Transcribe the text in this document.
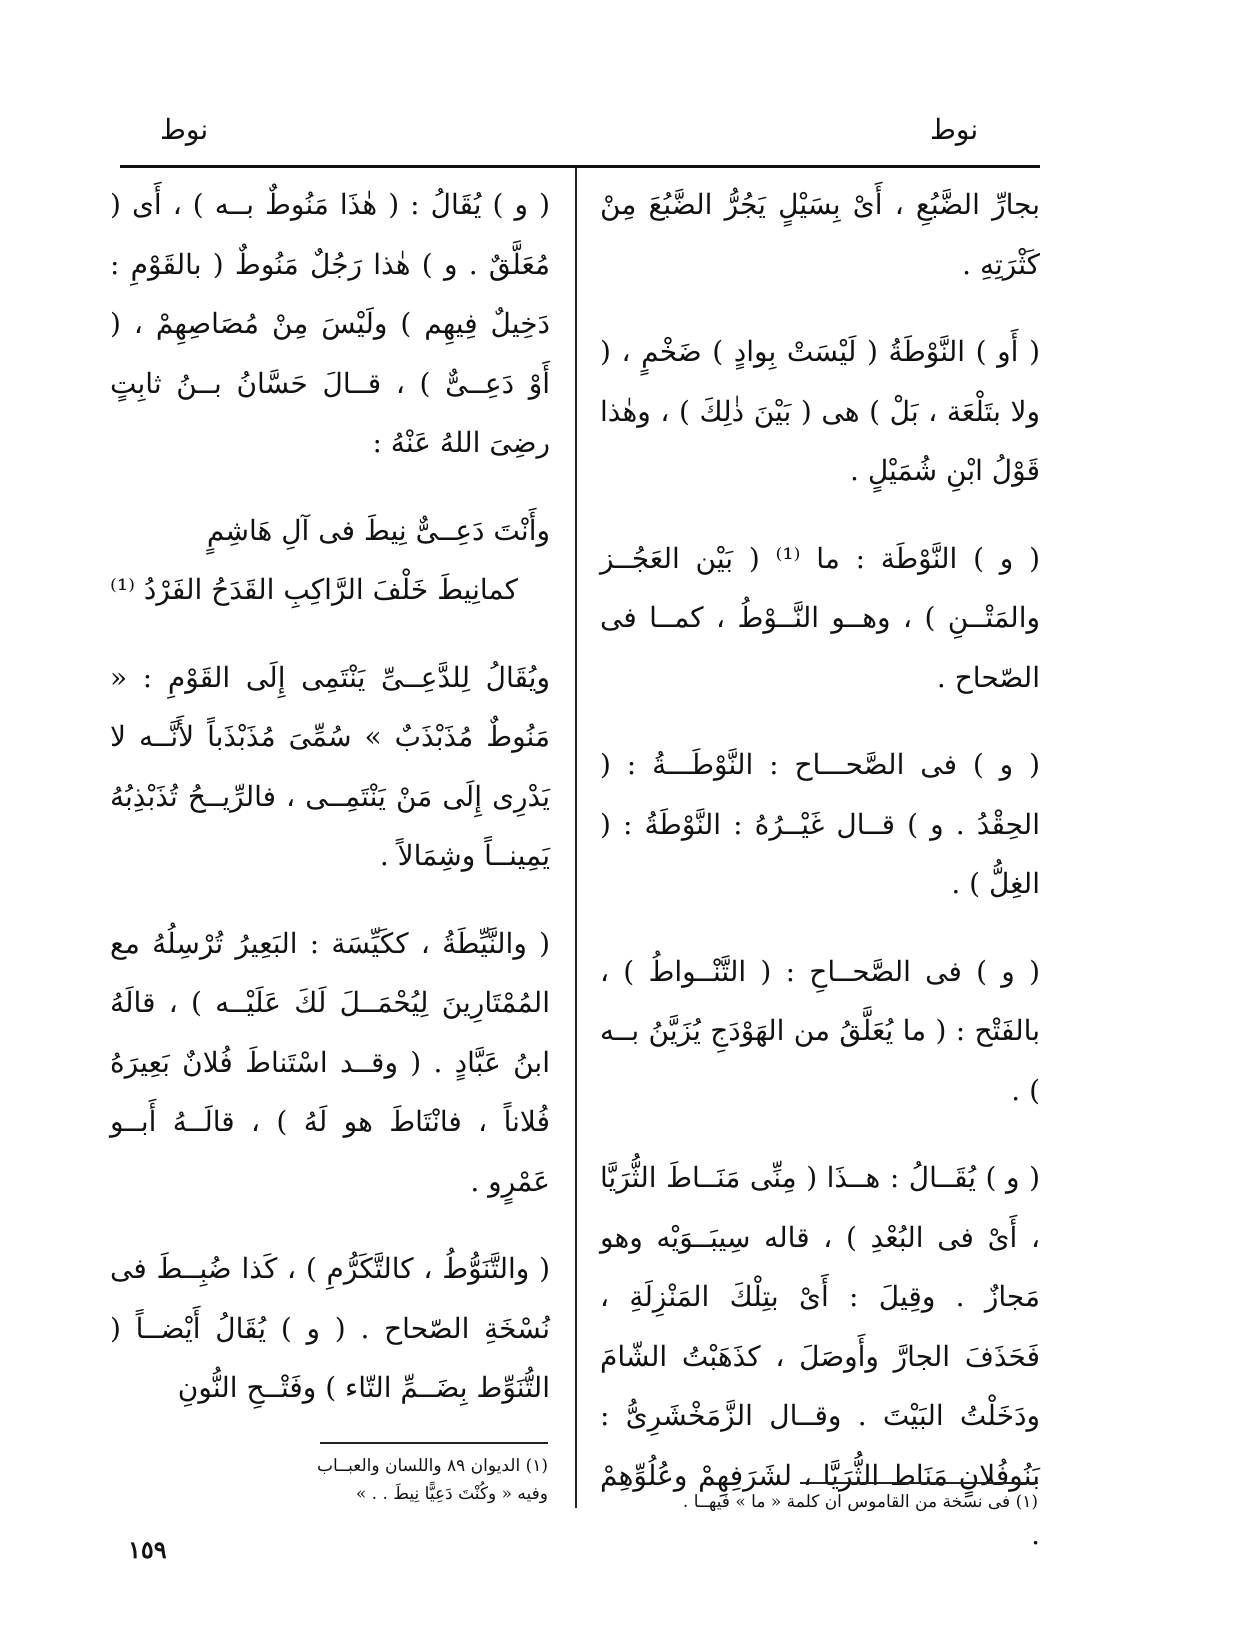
نوط
نوط

بجارِّ الضَّبُعِ ، أَىْ بِسَيْلٍ يَجُرُّ الضَّبُعَ مِنْ كَثْرَتِهِ .

( أَو ) النَّوْطَةُ ( لَيْسَتْ بِوادٍ ) ضَخْمٍ ، ( ولا بتَلْعَة ، بَلْ ) هى ( بَيْنَ ذٰلِكَ ) ، وهٰذا قَوْلُ ابْنِ شُمَيْلٍ .

( و ) النَّوْطَة : ما ⁽¹⁾ ( بَيْن العَجُــز والمَتْــنِ ) ، وهــو النَّــوْطُ ، كمــا فى الصّحاح .

( و ) فى الصَّحـــاح : النَّوْطَـــةُ : ( الحِقْدُ . و ) قــال غَيْــرُهُ : النَّوْطَةُ : ( الغِلُّ ) .

( و ) فى الصَّحــاحِ : ( التَّنْــواطُ ) ، بالفَتْح : ( ما يُعَلَّقُ من الهَوْدَجِ يُزَيَّنُ بــه ) .

( و ) يُقَــالُ : هــذَا ( مِنِّى مَنَــاطَ الثُّرَيَّا ، أَىْ فى البُعْدِ ) ، قاله سِيبَــوَيْه وهو مَجازٌ . وقِيلَ : أَىْ بتِلْكَ المَنْزِلَةِ ، فَحَذَفَ الجارَّ وأَوصَلَ ، كذَهَبْتُ الشّامَ ودَخَلْتُ البَيْتَ . وقــال الزَّمَخْشَرِىُّ : بَنُوفُلانٍ مَنَاط الثُّرَيَّا ، لشَرَفِهِمْ وعُلُوِّهِمْ .

( و ) يُقَالُ : ( هٰذَا مَنُوطٌ بــه ) ، أَى ( مُعَلَّقٌ . و ) هٰذا رَجُلٌ مَنُوطٌ ( بالقَوْمِ : دَخِيلٌ فِيهِم ) ولَيْسَ مِنْ مُصَاصِهِمْ ، ( أَوْ دَعِــىٌّ ) ، قــالَ حَسَّانُ بــنُ ثابِتٍ رضِىَ اللهُ عَنْهُ :

وأَنْتَ دَعِــىٌّ نِيطَ فى آلِ هَاشِمٍ
كمانِيطَ خَلْفَ الرَّاكِبِ القَدَحُ الفَرْدُ ⁽¹⁾

ويُقَالُ لِلدَّعِــىِّ يَنْتَمِى إِلَى القَوْمِ : « مَنُوطٌ مُذَبْذَبٌ » سُمِّىَ مُذَبْذَباً لأَنَّــه لا يَدْرِى إِلَى مَنْ يَنْتَمِــى ، فالرِّيــحُ تُذَبْذِبُهُ يَمِينــاً وشِمَالاً .

( والنَّيِّطَةُ ، ككَيِّسَة : البَعِيرُ تُرْسِلُهُ مع المُمْتَارِينَ لِيُحْمَــلَ لَكَ عَلَيْــه ) ، قالَهُ ابنُ عَبَّادٍ . ( وقــد اسْتَناطَ فُلانٌ بَعِيرَهُ فُلاناً ، فانْتَاطَ هو لَهُ ) ، قالَــهُ أَبــو عَمْرٍو .

( والتَّنَوُّطُ ، كالتَّكَرُّمِ ) ، كَذا ضُبِــطَ فى نُسْخَةِ الصّحاح . ( و ) يُقَالُ أَيْضــاً ( التُّنَوِّط بِضَــمِّ التّاء ) وفَتْــحِ النُّونِ

(١) فى نسخة من القاموس ان كلمة « ما » فيهــا .
(١) الديوان ٨٩ واللسان والعبــاب
وفيه « وكُنْتَ دَعِيًّا نِيطَ . . »
١٥٩
